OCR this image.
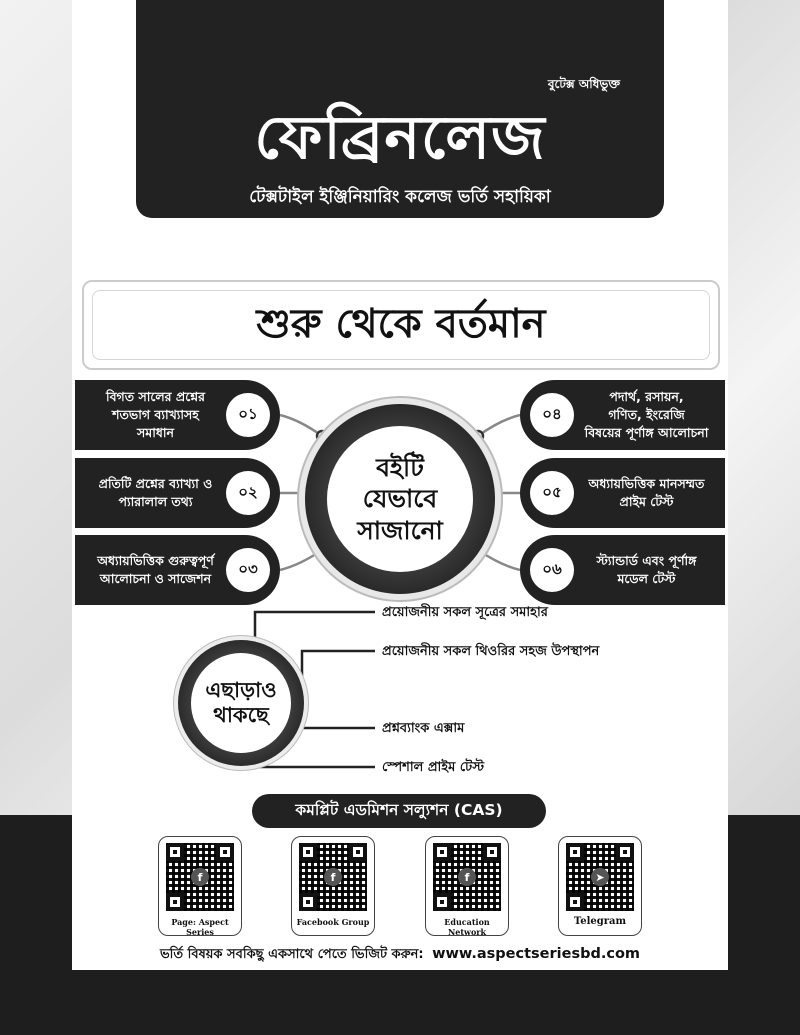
বুটেক্স অধিভুক্ত
ফেব্রিনলেজ
টেক্সটাইল ইঞ্জিনিয়ারিং কলেজ ভর্তি সহায়িকা
শুরু থেকে বর্তমান
বিগত সালের প্রশ্নের
শতভাগ ব্যাখ্যাসহ
সমাধান
০১
প্রতিটি প্রশ্নের ব্যাখ্যা ও
প্যারালাল তথ্য
০২
অধ্যায়ভিত্তিক গুরুত্বপূর্ণ
আলোচনা ও সাজেশন
০৩
০৪
পদার্থ, রসায়ন,
গণিত, ইংরেজি
বিষয়ের পূর্ণাঙ্গ আলোচনা
০৫	অধ্যায়ভিত্তিক মানসম্মত
প্রাইম টেস্ট
০৬	স্ট্যান্ডার্ড এবং পূর্ণাঙ্গ
মডেল টেস্ট
বইটি
যেভাবে
সাজানো
এছাড়াও
থাকছে
প্রয়োজনীয় সকল সূত্রের সমাহার
প্রয়োজনীয় সকল থিওরির সহজ উপস্থাপন
প্রশ্নব্যাংক এক্সাম
স্পেশাল প্রাইম টেস্ট
কমপ্লিট এডমিশন সল্যুশন (CAS)
f
Page: Aspect Series
f
Facebook Group
f
Education Network
➤
Telegram
ভর্তি বিষয়ক সবকিছু একসাথে পেতে ভিজিট করুন: www.aspectseriesbd.com
